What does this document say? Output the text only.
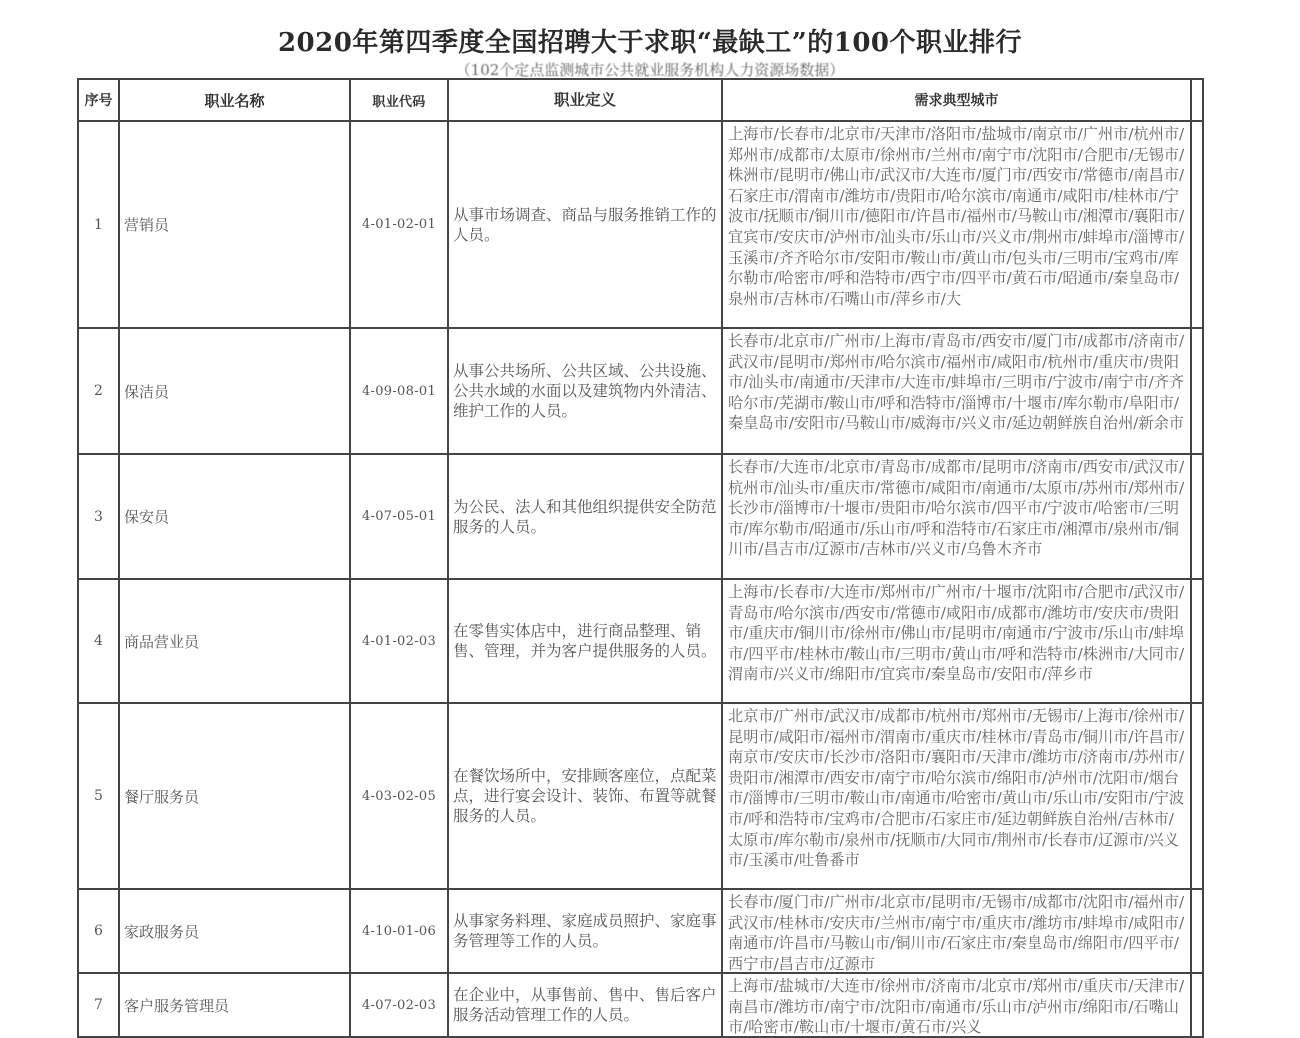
2020年第四季度全国招聘大于求职“最缺工”的100个职业排行
（102个定点监测城市公共就业服务机构人力资源场数据）
序号	职业名称	职业代码	职业定义	需求典型城市	
1	营销员	4-01-02-01	从事市场调查、商品与服务推销工作的人员。	上海市/长春市/北京市/天津市/洛阳市/盐城市/南京市/广州市/杭州市/郑州市/成都市/太原市/徐州市/兰州市/南宁市/沈阳市/合肥市/无锡市/株洲市/昆明市/佛山市/武汉市/大连市/厦门市/西安市/常德市/南昌市/石家庄市/渭南市/潍坊市/贵阳市/哈尔滨市/南通市/咸阳市/桂林市/宁波市/抚顺市/铜川市/德阳市/许昌市/福州市/马鞍山市/湘潭市/襄阳市/宜宾市/安庆市/泸州市/汕头市/乐山市/兴义市/荆州市/蚌埠市/淄博市/玉溪市/齐齐哈尔市/安阳市/鞍山市/黄山市/包头市/三明市/宝鸡市/库尔勒市/哈密市/呼和浩特市/西宁市/四平市/黄石市/昭通市/秦皇岛市/泉州市/吉林市/石嘴山市/萍乡市/大	

2	保洁员	4-09-08-01	从事公共场所、公共区域、公共设施、公共水域的水面以及建筑物内外清洁、维护工作的人员。	长春市/北京市/广州市/上海市/青岛市/西安市/厦门市/成都市/济南市/武汉市/昆明市/郑州市/哈尔滨市/福州市/咸阳市/杭州市/重庆市/贵阳市/汕头市/南通市/天津市/大连市/蚌埠市/三明市/宁波市/南宁市/齐齐哈尔市/芜湖市/鞍山市/呼和浩特市/淄博市/十堰市/库尔勒市/阜阳市/秦皇岛市/安阳市/马鞍山市/威海市/兴义市/延边朝鲜族自治州/新余市	

3	保安员	4-07-05-01	为公民、法人和其他组织提供安全防范服务的人员。	长春市/大连市/北京市/青岛市/成都市/昆明市/济南市/西安市/武汉市/杭州市/汕头市/重庆市/常德市/咸阳市/南通市/太原市/苏州市/郑州市/长沙市/淄博市/十堰市/贵阳市/哈尔滨市/四平市/宁波市/哈密市/三明市/库尔勒市/昭通市/乐山市/呼和浩特市/石家庄市/湘潭市/泉州市/铜川市/昌吉市/辽源市/吉林市/兴义市/乌鲁木齐市	

4	商品营业员	4-01-02-03	在零售实体店中，进行商品整理、销售、管理，并为客户提供服务的人员。	上海市/长春市/大连市/郑州市/广州市/十堰市/沈阳市/合肥市/武汉市/青岛市/哈尔滨市/西安市/常德市/咸阳市/成都市/潍坊市/安庆市/贵阳市/重庆市/铜川市/徐州市/佛山市/昆明市/南通市/宁波市/乐山市/蚌埠市/四平市/桂林市/鞍山市/三明市/黄山市/呼和浩特市/株洲市/大同市/渭南市/兴义市/绵阳市/宜宾市/秦皇岛市/安阳市/萍乡市	

5	餐厅服务员	4-03-02-05	在餐饮场所中，安排顾客座位，点配菜点，进行宴会设计、装饰、布置等就餐服务的人员。	北京市/广州市/武汉市/成都市/杭州市/郑州市/无锡市/上海市/徐州市/昆明市/咸阳市/福州市/渭南市/重庆市/桂林市/青岛市/铜川市/许昌市/南京市/安庆市/长沙市/洛阳市/襄阳市/天津市/潍坊市/济南市/苏州市/贵阳市/湘潭市/西安市/南宁市/哈尔滨市/绵阳市/泸州市/沈阳市/烟台市/淄博市/三明市/鞍山市/南通市/哈密市/黄山市/乐山市/安阳市/宁波市/呼和浩特市/宝鸡市/合肥市/石家庄市/延边朝鲜族自治州/吉林市/太原市/库尔勒市/泉州市/抚顺市/大同市/荆州市/长春市/辽源市/兴义市/玉溪市/吐鲁番市	

6	家政服务员	4-10-01-06	从事家务料理、家庭成员照护、家庭事务管理等工作的人员。	长春市/厦门市/广州市/北京市/昆明市/无锡市/成都市/沈阳市/福州市/武汉市/桂林市/安庆市/兰州市/南宁市/重庆市/潍坊市/蚌埠市/咸阳市/南通市/许昌市/马鞍山市/铜川市/石家庄市/秦皇岛市/绵阳市/四平市/西宁市/昌吉市/辽源市	

7	客户服务管理员	4-07-02-03	在企业中，从事售前、售中、售后客户服务活动管理工作的人员。	上海市/盐城市/大连市/徐州市/济南市/北京市/郑州市/重庆市/天津市/南昌市/潍坊市/南宁市/沈阳市/南通市/乐山市/泸州市/绵阳市/石嘴山市/哈密市/鞍山市/十堰市/黄石市/兴义	
